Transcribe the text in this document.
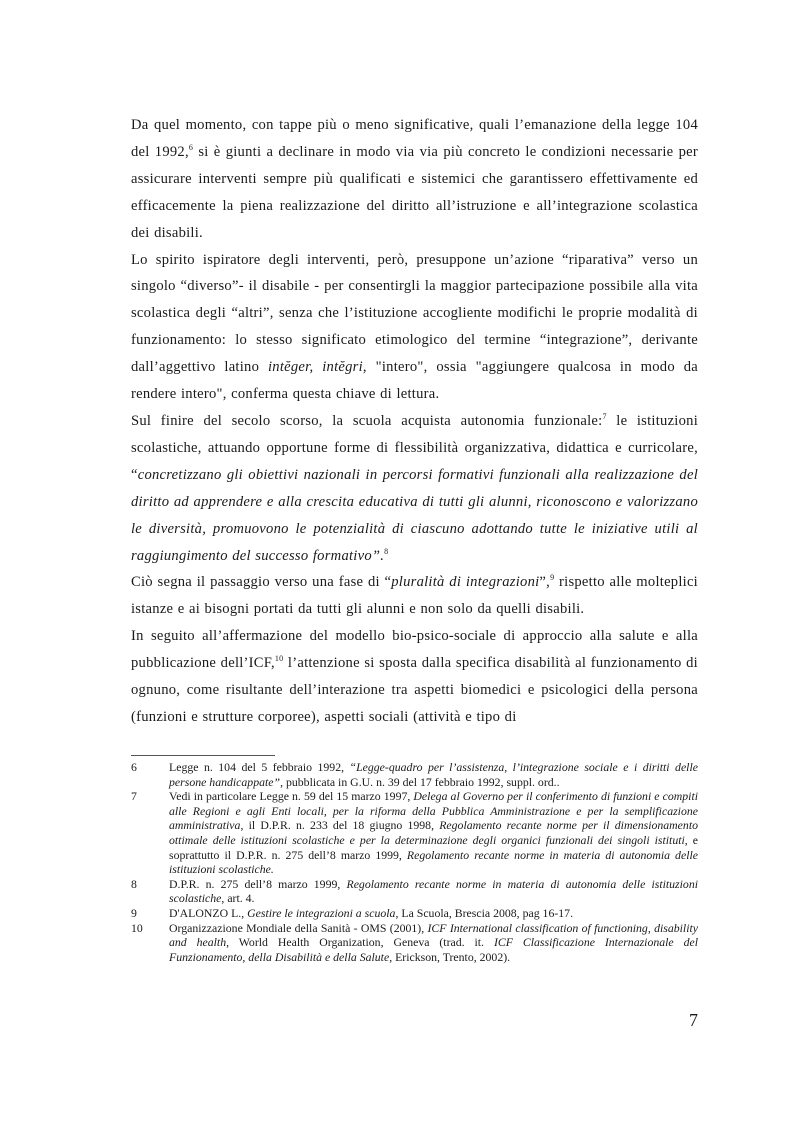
Da quel momento, con tappe più o meno significative, quali l’emanazione della legge 104 del 1992,$^6$ si è giunti a declinare in modo via via più concreto le condizioni necessarie per assicurare interventi sempre più qualificati e sistemici che garantissero effettivamente ed efficacemente la piena realizzazione del diritto all’istruzione e all’integrazione scolastica dei disabili.

Lo spirito ispiratore degli interventi, però, presuppone un’azione “riparativa” verso un singolo “diverso”- il disabile - per consentirgli la maggior partecipazione possibile alla vita scolastica degli “altri”, senza che l’istituzione accogliente modifichi le proprie modalità di funzionamento: lo stesso significato etimologico del termine “integrazione”, derivante dall’aggettivo latino intĕger, intĕgri, "intero", ossia "aggiungere qualcosa in modo da rendere intero", conferma questa chiave di lettura.

Sul finire del secolo scorso, la scuola acquista autonomia funzionale:$^7$ le istituzioni scolastiche, attuando opportune forme di flessibilità organizzativa, didattica e curricolare, “concretizzano gli obiettivi nazionali in percorsi formativi funzionali alla realizzazione del diritto ad apprendere e alla crescita educativa di tutti gli alunni, riconoscono e valorizzano le diversità, promuovono le potenzialità di ciascuno adottando tutte le iniziative utili al raggiungimento del successo formativo”.$^8$

Ciò segna il passaggio verso una fase di “pluralità di integrazioni”,$^9$ rispetto alle molteplici istanze e ai bisogni portati da tutti gli alunni e non solo da quelli disabili.

In seguito all’affermazione del modello bio-psico-sociale di approccio alla salute e alla pubblicazione dell’ICF,$^{10}$ l’attenzione si sposta dalla specifica disabilità al funzionamento di ognuno, come risultante dell’interazione tra aspetti biomedici e psicologici della persona (funzioni e strutture corporee), aspetti sociali (attività e tipo di

6	Legge n. 104 del 5 febbraio 1992, “Legge-quadro per l’assistenza, l’integrazione sociale e i diritti delle persone handicappate”, pubblicata in G.U. n. 39 del 17 febbraio 1992, suppl. ord..
7	Vedi in particolare Legge n. 59 del 15 marzo 1997, Delega al Governo per il conferimento di funzioni e compiti alle Regioni e agli Enti locali, per la riforma della Pubblica Amministrazione e per la semplificazione amministrativa, il D.P.R. n. 233 del 18 giugno 1998, Regolamento recante norme per il dimensionamento ottimale delle istituzioni scolastiche e per la determinazione degli organici funzionali dei singoli istituti, e soprattutto il D.P.R. n. 275 dell’8 marzo 1999, Regolamento recante norme in materia di autonomia delle istituzioni scolastiche.
8	D.P.R. n. 275 dell’8 marzo 1999, Regolamento recante norme in materia di autonomia delle istituzioni scolastiche, art. 4.
9	D'ALONZO L., Gestire le integrazioni a scuola, La Scuola, Brescia 2008, pag 16-17.
10	Organizzazione Mondiale della Sanità - OMS (2001), ICF International classification of functioning, disability and health, World Health Organization, Geneva (trad. it. ICF Classificazione Internazionale del Funzionamento, della Disabilità e della Salute, Erickson, Trento, 2002).
7
